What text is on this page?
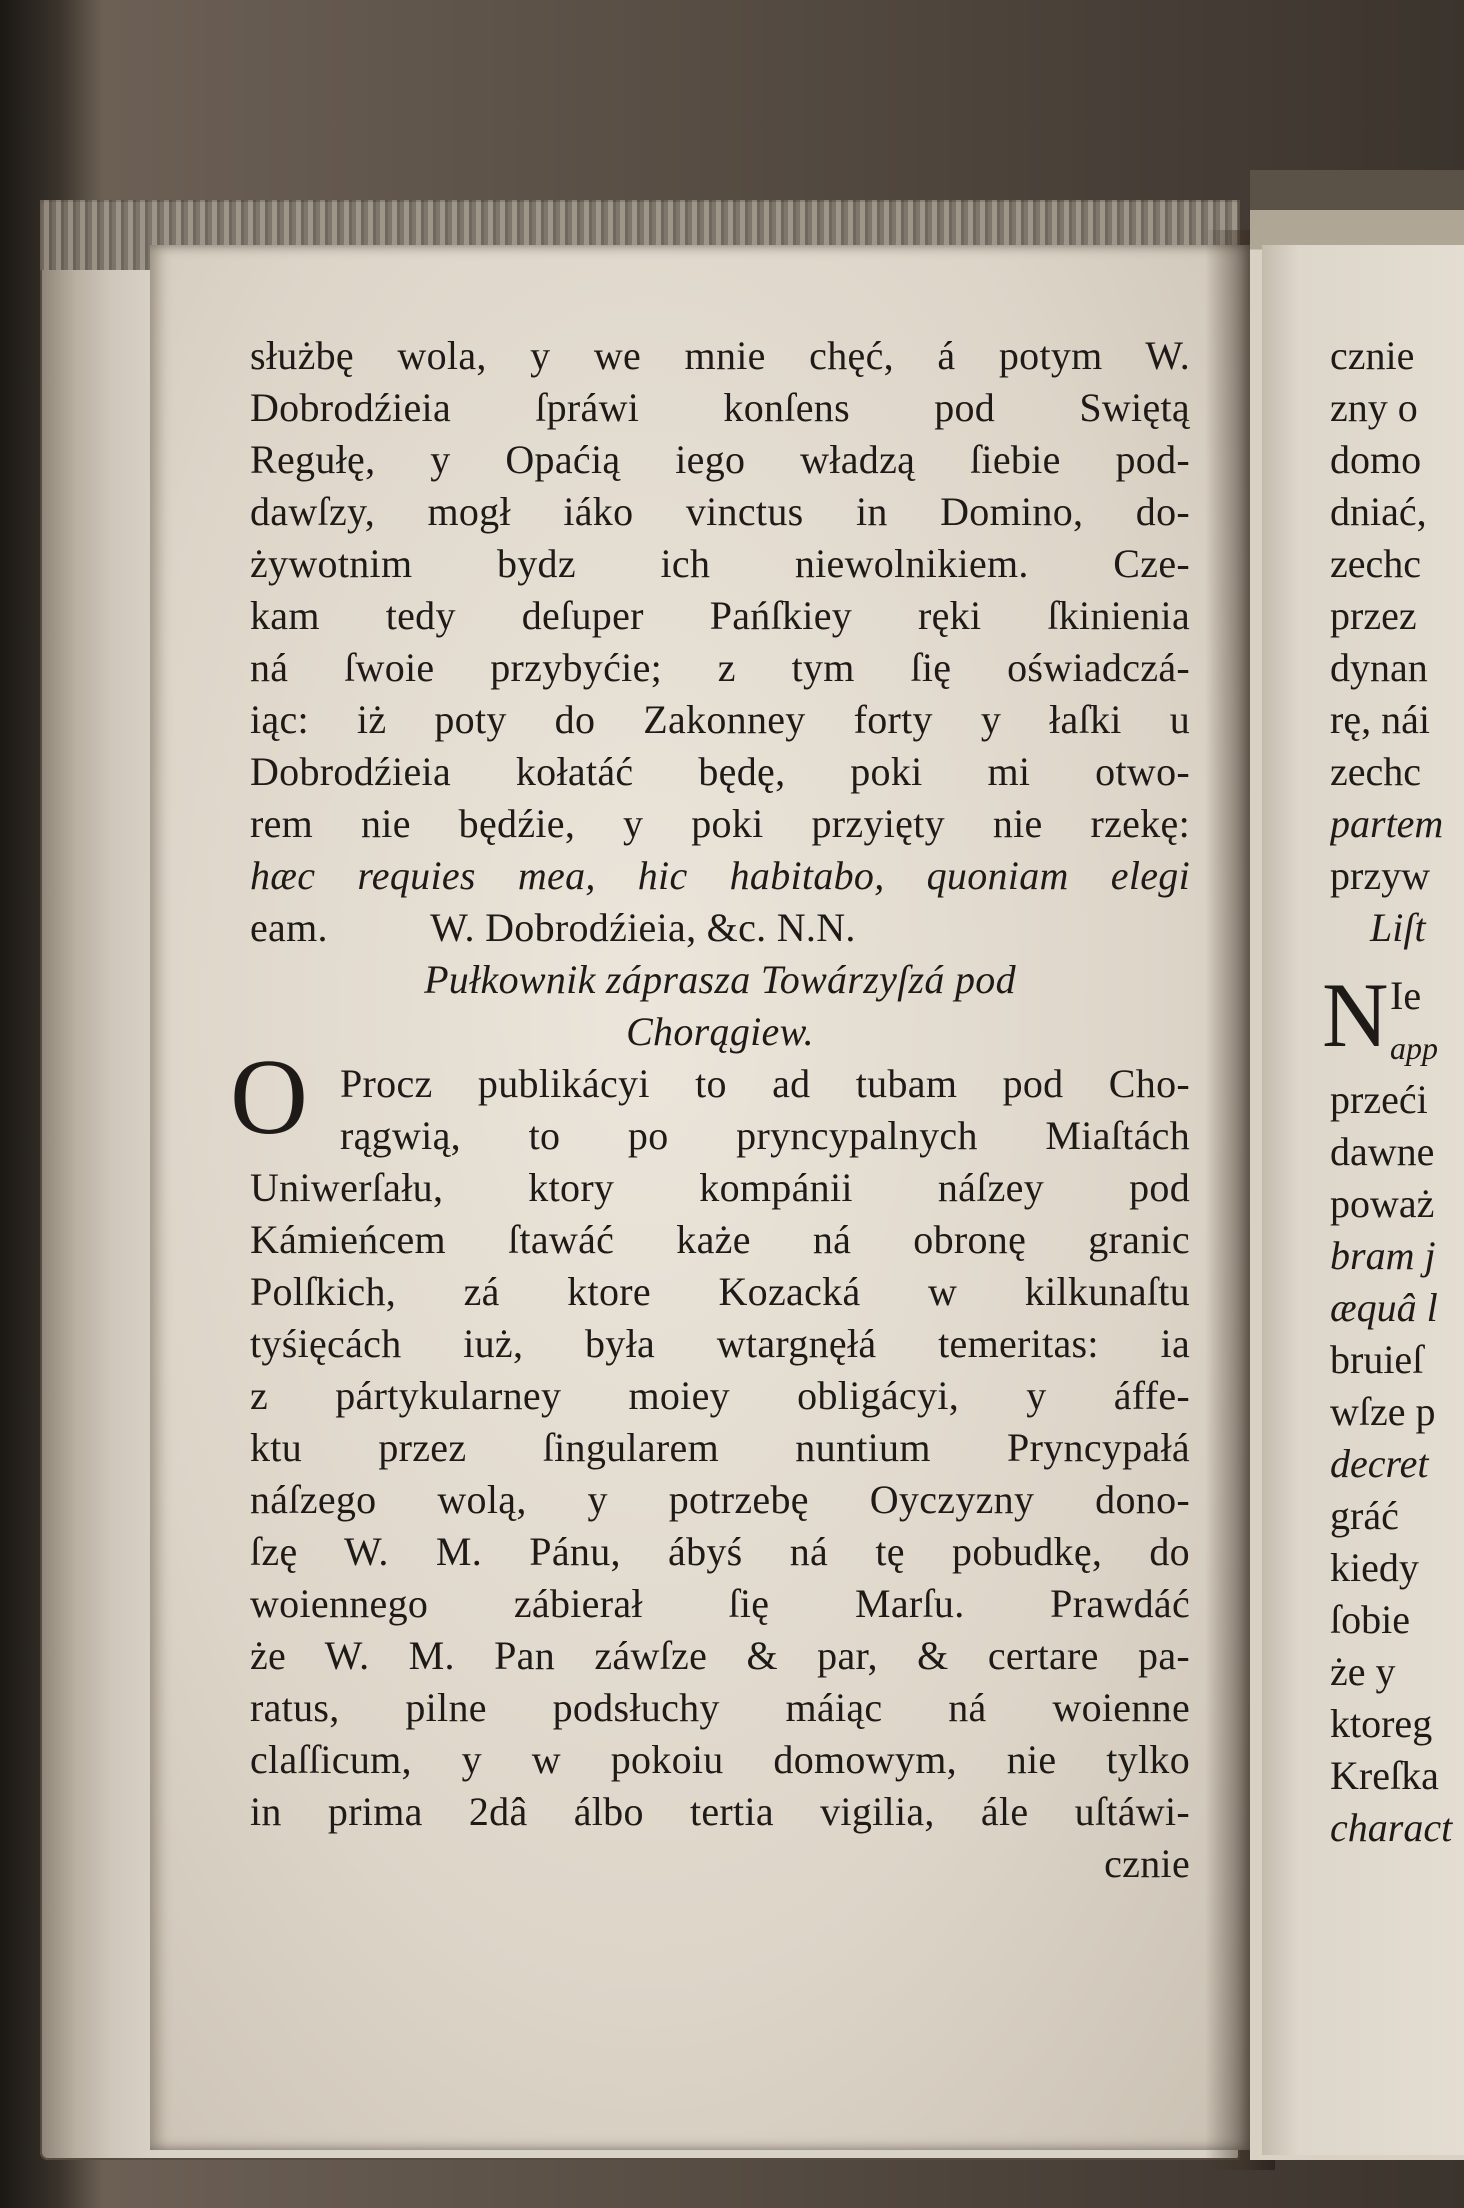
służbę wola, y we mnie chęć, á potym W.
Dobrodźieia ſpráwi konſens pod Swiętą
Regułę, y Opaćią iego władzą ſiebie pod-
dawſzy, mogł iáko vinctus in Domino, do-
żywotnim bydz ich niewolnikiem. Cze-
kam tedy deſuper Pańſkiey ręki ſkinienia
ná ſwoie przybyćie; z tym ſię oświadczá-
iąc: iż poty do Zakonney forty y łaſki u
Dobrodźieia kołatáć będę, poki mi otwo-
rem nie będźie, y poki przyięty nie rzekę:
hæc requies mea, hic habitabo, quoniam elegi
eam.          W. Dobrodźieia, &c. N.N.
Pułkownik záprasza Towárzyſzá pod
Chorągiew.
O Procz publikácyi to ad tubam pod Cho-
rągwią, to po pryncypalnych Miaſtách
Uniwerſału, ktory kompánii náſzey pod
Kámieńcem ſtawáć każe ná obronę granic
Polſkich, zá ktore Kozacká w kilkunaſtu
tyśięcách iuż, była wtargnęłá temeritas: ia
z pártykularney moiey obligácyi, y áffe-
ktu przez ſingularem nuntium Pryncypałá
náſzego wolą, y potrzebę Oyczyzny dono-
ſzę W. M. Pánu, ábyś ná tę pobudkę, do
woiennego zábierał ſię Marſu. Prawdáć
że W. M. Pan záwſze & par, & certare pa-
ratus, pilne podsłuchy máiąc ná woienne
claſſicum, y w pokoiu domowym, nie tylko
in prima 2dâ álbo tertia vigilia, ále uſtáwi-
cznie
cznie
zny o
domo
dniać,
zechc
przez
dynan
rę, nái
zechc
partem
przyw
Liſt
Ie
app
przeći
dawne
poważ
bram j
æquâ l
bruieſ
wſze p
decret
gráć
kiedy
ſobie
że y
ktoreg
Kreſka
charact
N
